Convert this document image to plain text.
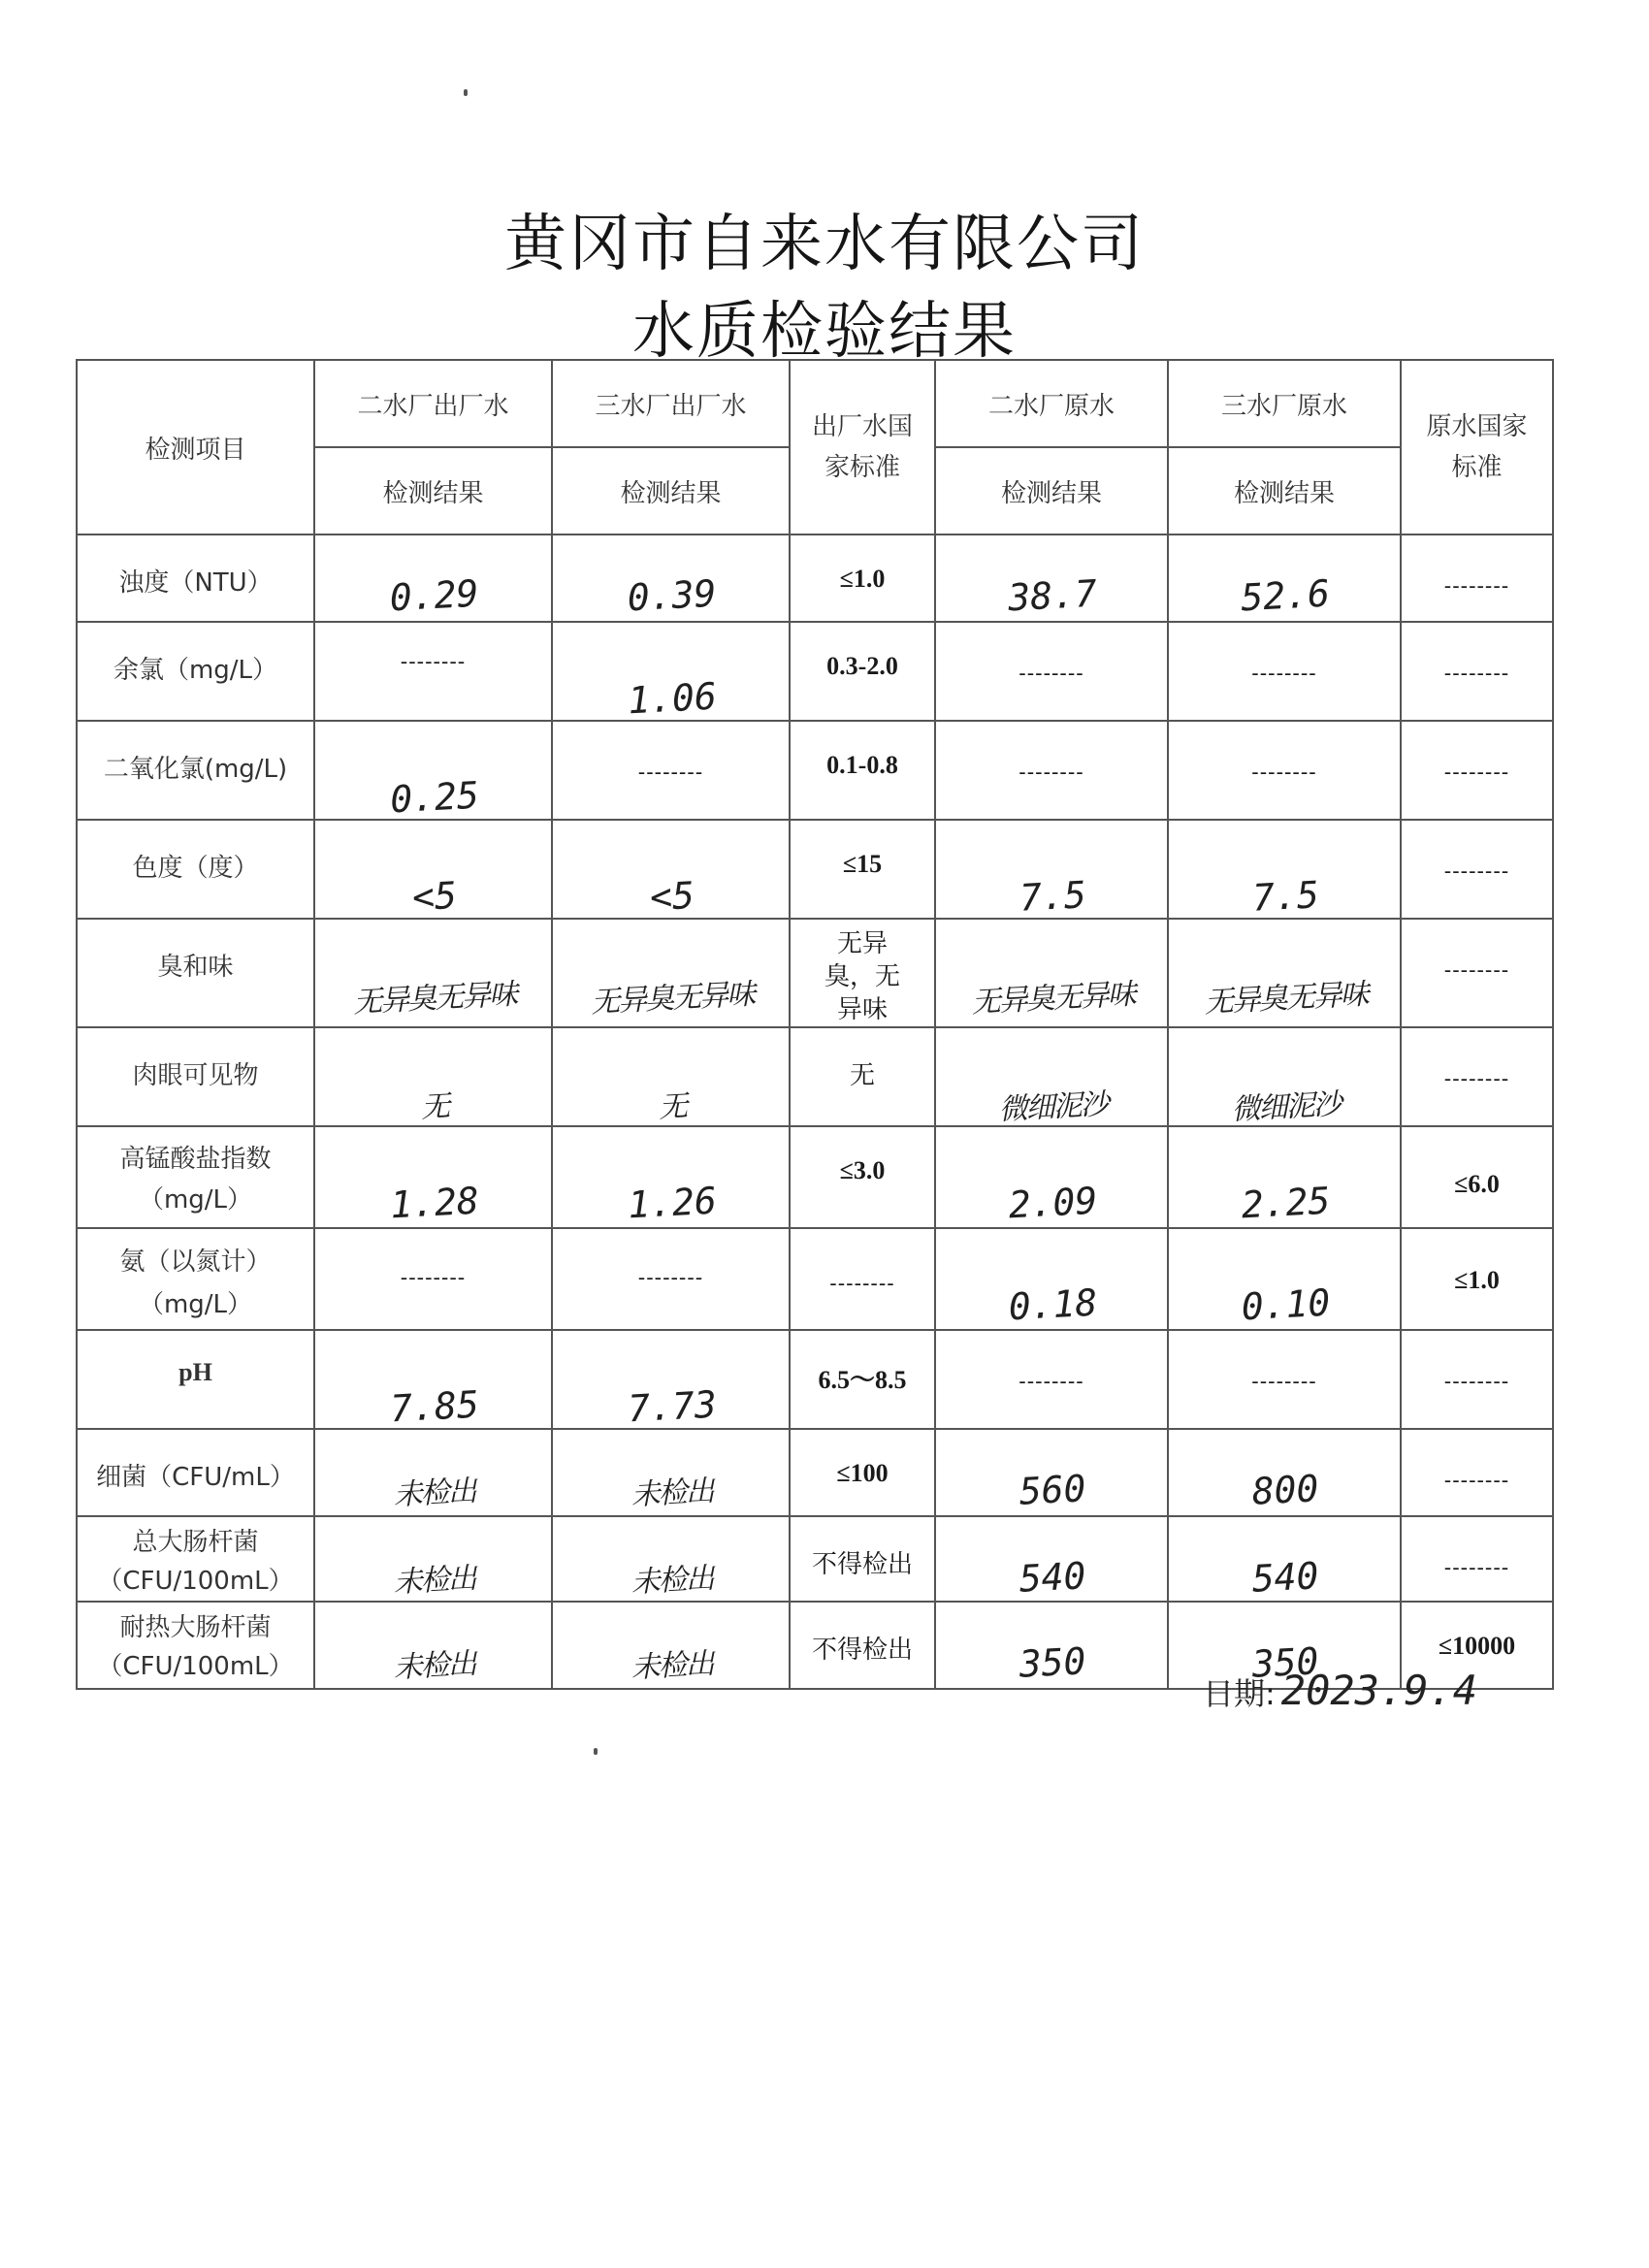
黄冈市自来水有限公司
水质检验结果
检测项目	二水厂出厂水	三水厂出厂水	出厂水国家标准	二水厂原水	三水厂原水	原水国家标准

	检测结果	检测结果		检测结果	检测结果	
浊度（NTU）	0.29	0.39	≤1.0	38.7	52.6	--------

余氯（mg/L）	--------	1.06	0.3-2.0	--------	--------	--------

二氧化氯(mg/L)	0.25	--------	0.1-0.8	--------	--------	--------

色度（度）	<5	<5	≤15	7.5	7.5	--------

臭和味	无异臭无异味	无异臭无异味	无异臭，无异味	无异臭无异味	无异臭无异味	--------

肉眼可见物	无	无	无	微细泥沙	微细泥沙	--------

高锰酸盐指数（mg/L）	1.28	1.26	≤3.0	2.09	2.25	≤6.0

氨（以氮计）（mg/L）	--------	--------	--------	0.18	0.10	≤1.0
pH	7.85	7.73	6.5～8.5	--------	--------	--------

细菌（CFU/mL）	未检出	未检出	≤100	560	800	--------

总大肠杆菌（CFU/100mL）	未检出	未检出	不得检出	540	540	--------

耐热大肠杆菌（CFU/100mL）	未检出	未检出	不得检出	350	350	≤10000
日期: 2023.9.4
